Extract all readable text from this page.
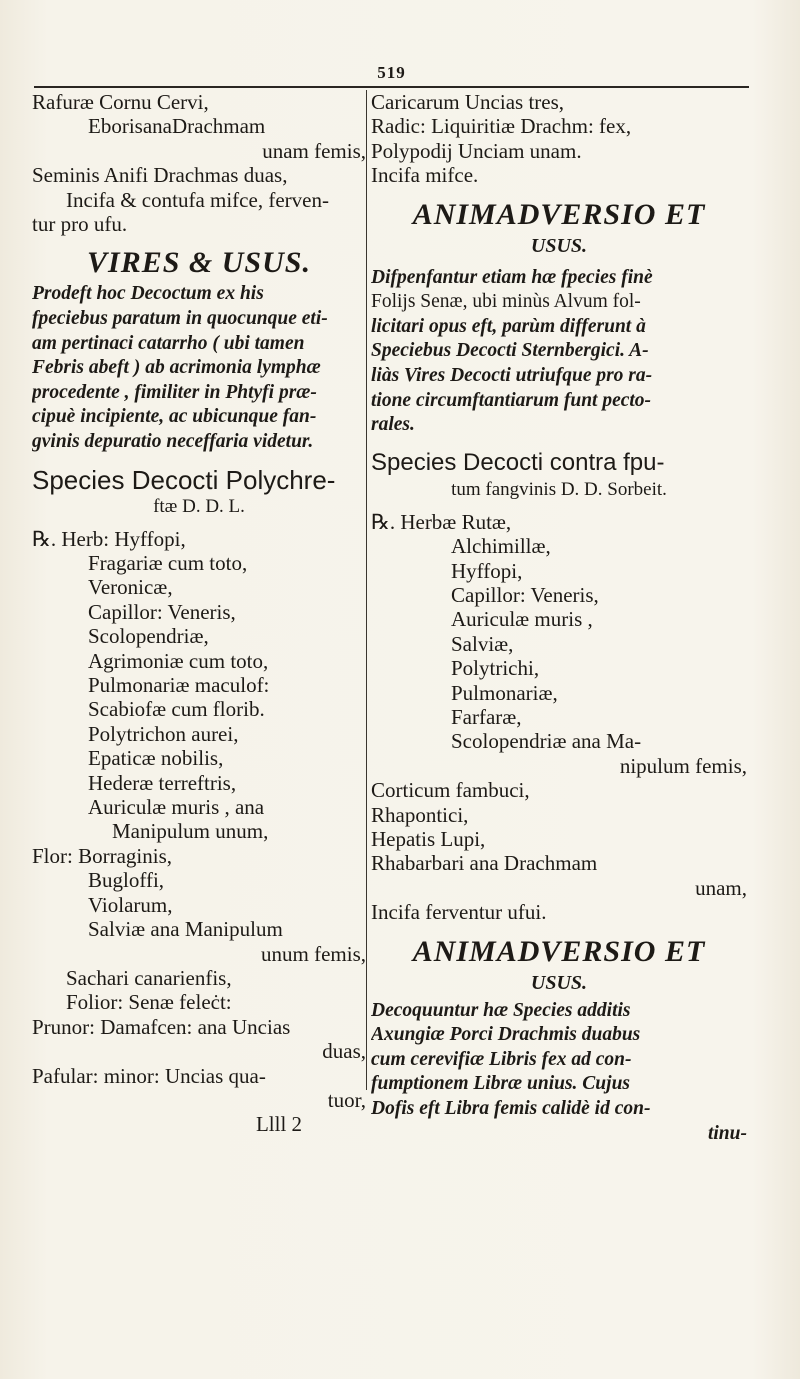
519
Rafuræ Cornu Cervi,
EborisanaDrachmam
unam femis,
Seminis Anifi Drachmas duas,
Incifa & contufa mifce, ferven-
tur pro ufu.
VIRES & USUS.
Prodeft hoc Decoctum ex his
fpeciebus paratum in quocunque eti-
am pertinaci catarrho ( ubi tamen
Febris abeft ) ab acrimonia lymphæ
procedente , fimiliter in Phtyfi præ-
cipuè incipiente, ac ubicunque fan-
gvinis depuratio neceffaria videtur.
Species Decocti Polychre-
ftæ D. D. L.
℞. Herb: Hyffopi,
Fragariæ cum toto,
Veronicæ,
Capillor: Veneris,
Scolopendriæ,
Agrimoniæ cum toto,
Pulmonariæ maculof:
Scabiofæ cum florib.
Polytrichon aurei,
Epaticæ nobilis,
Hederæ terreftris,
Auriculæ muris , ana
Manipulum unum,
Flor: Borraginis,
Bugloffi,
Violarum,
Salviæ ana Manipulum
unum femis,
Sachari canarienfis,
Folior: Senæ feleċt:
Prunor: Damafcen: ana Uncias
duas,
Pafular: minor: Uncias qua-
tuor,
Llll 2
Caricarum Uncias tres,
Radic: Liquiritiæ Drachm: fex,
Polypodij Unciam unam.
Incifa mifce.
ANIMADVERSIO ET
USUS.
Difpenfantur etiam hæ fpecies finè
Folijs Senæ, ubi minùs Alvum fol-
licitari opus eft, parùm differunt à
Speciebus Decocti Sternbergici. A-
liàs Vires Decocti utriufque pro ra-
tione circumftantiarum funt pecto-
rales.
Species Decocti contra fpu-
tum fangvinis D. D. Sorbeit.
℞. Herbæ Rutæ,
Alchimillæ,
Hyffopi,
Capillor: Veneris,
Auriculæ muris ,
Salviæ,
Polytrichi,
Pulmonariæ,
Farfaræ,
Scolopendriæ ana Ma-
nipulum femis,
Corticum fambuci,
Rhapontici,
Hepatis Lupi,
Rhabarbari ana Drachmam
unam,
Incifa ferventur ufui.
ANIMADVERSIO ET
USUS.
Decoquuntur hæ Species additis
Axungiæ Porci Drachmis duabus
cum cerevifiæ Libris fex ad con-
fumptionem Libræ unius. Cujus
Dofis eft Libra femis calidè id con-
tinu-
